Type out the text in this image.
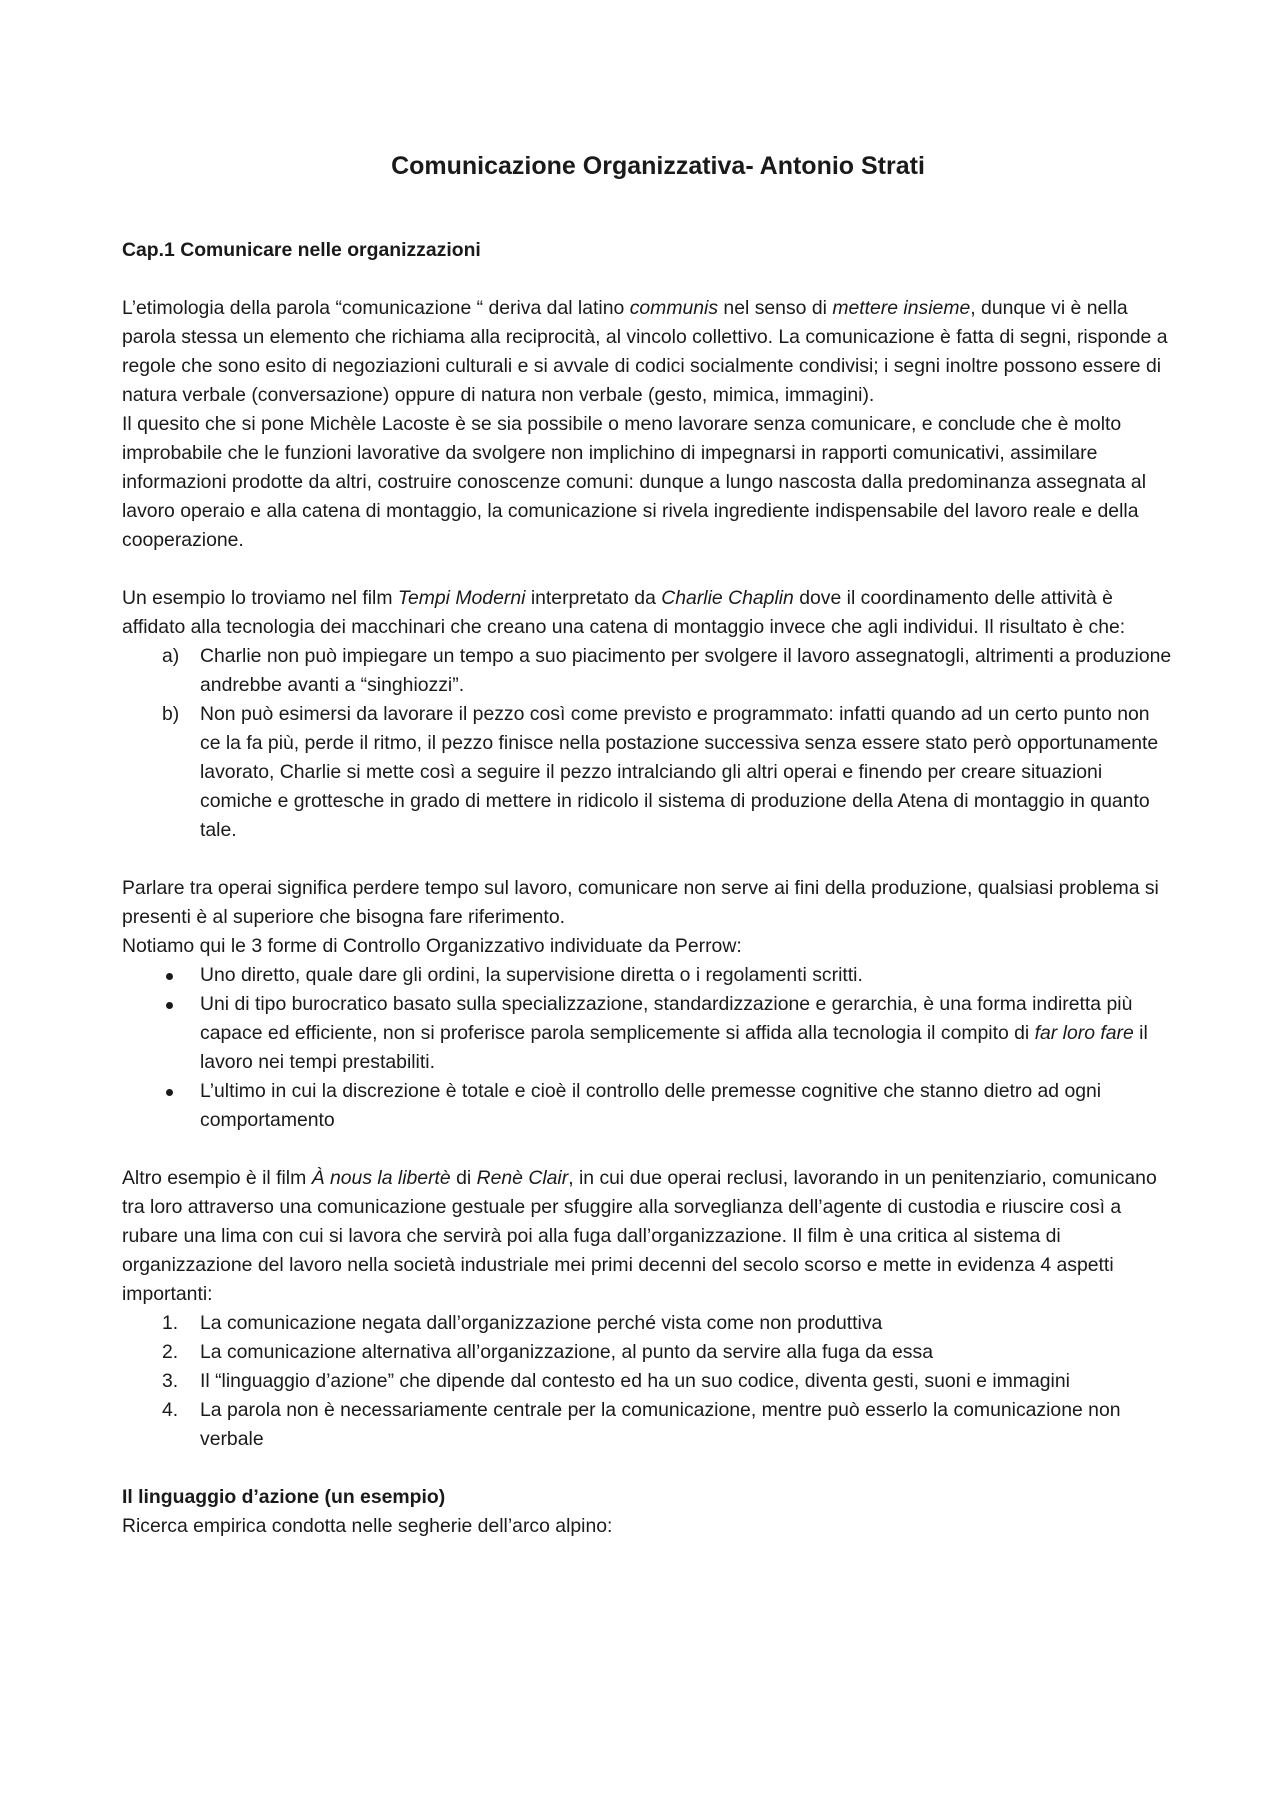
Comunicazione Organizzativa- Antonio Strati

Cap.1 Comunicare nelle organizzazioni

L’etimologia della parola “comunicazione “ deriva dal latino communis nel senso di mettere insieme, dunque vi è nella parola stessa un elemento che richiama alla reciprocità, al vincolo collettivo. La comunicazione è fatta di segni, risponde a regole che sono esito di negoziazioni culturali e si avvale di codici socialmente condivisi; i segni inoltre possono essere di natura verbale (conversazione) oppure di natura non verbale (gesto, mimica, immagini).

Il quesito che si pone Michèle Lacoste è se sia possibile o meno lavorare senza comunicare, e conclude che è molto improbabile che le funzioni lavorative da svolgere non implichino di impegnarsi in rapporti comunicativi, assimilare informazioni prodotte da altri, costruire conoscenze comuni: dunque a lungo nascosta dalla predominanza assegnata al lavoro operaio e alla catena di montaggio, la comunicazione si rivela ingrediente indispensabile del lavoro reale e della cooperazione.

Un esempio lo troviamo nel film Tempi Moderni interpretato da Charlie Chaplin dove il coordinamento delle attività è affidato alla tecnologia dei macchinari che creano una catena di montaggio invece che agli individui. Il risultato è che:

a) Charlie non può impiegare un tempo a suo piacimento per svolgere il lavoro assegnatogli, altrimenti a produzione andrebbe avanti a “singhiozzi”.
b) Non può esimersi da lavorare il pezzo così come previsto e programmato: infatti quando ad un certo punto non ce la fa più, perde il ritmo, il pezzo finisce nella postazione successiva senza essere stato però opportunamente lavorato, Charlie si mette così a seguire il pezzo intralciando gli altri operai e finendo per creare situazioni comiche e grottesche in grado di mettere in ridicolo il sistema di produzione della Atena di montaggio in quanto tale.

Parlare tra operai significa perdere tempo sul lavoro, comunicare non serve ai fini della produzione, qualsiasi problema si presenti è al superiore che bisogna fare riferimento.

Notiamo qui le 3 forme di Controllo Organizzativo individuate da Perrow:

Uno diretto, quale dare gli ordini, la supervisione diretta o i regolamenti scritti.
Uni di tipo burocratico basato sulla specializzazione, standardizzazione e gerarchia, è una forma indiretta più capace ed efficiente, non si proferisce parola semplicemente si affida alla tecnologia il compito di far loro fare il lavoro nei tempi prestabiliti.
L’ultimo in cui la discrezione è totale e cioè il controllo delle premesse cognitive che stanno dietro ad ogni comportamento

Altro esempio è il film À nous la libertè di Renè Clair, in cui due operai reclusi, lavorando in un penitenziario, comunicano tra loro attraverso una comunicazione gestuale per sfuggire alla sorveglianza dell’agente di custodia e riuscire così a rubare una lima con cui si lavora che servirà poi alla fuga dall’organizzazione. Il film è una critica al sistema di organizzazione del lavoro nella società industriale mei primi decenni del secolo scorso e mette in evidenza 4 aspetti importanti:

1. La comunicazione negata dall’organizzazione perché vista come non produttiva
2. La comunicazione alternativa all’organizzazione, al punto da servire alla fuga da essa
3. Il “linguaggio d’azione” che dipende dal contesto ed ha un suo codice, diventa gesti, suoni e immagini
4. La parola non è necessariamente centrale per la comunicazione, mentre può esserlo la comunicazione non verbale

Il linguaggio d’azione (un esempio)

Ricerca empirica condotta nelle segherie dell’arco alpino:
